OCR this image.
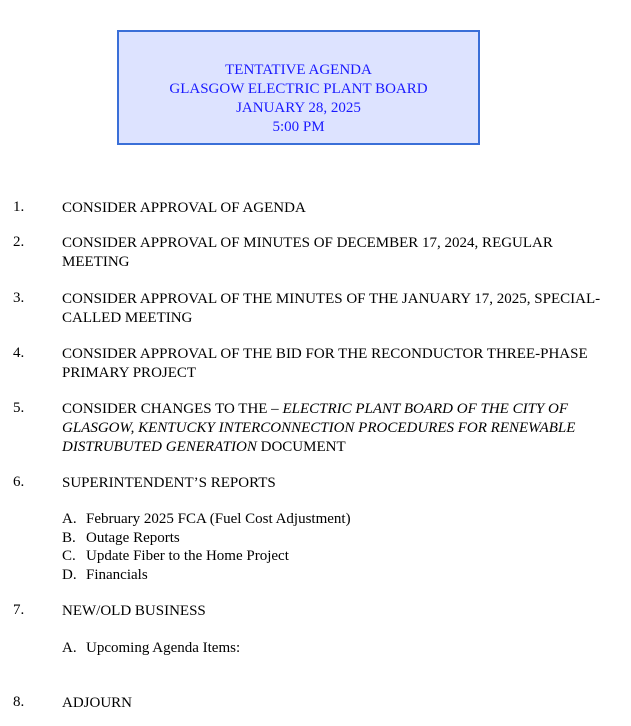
TENTATIVE AGENDA
GLASGOW ELECTRIC PLANT BOARD
JANUARY 28, 2025
5:00 PM
1.	CONSIDER APPROVAL OF AGENDA
2.	CONSIDER APPROVAL OF MINUTES OF DECEMBER 17, 2024, REGULAR MEETING
3.	CONSIDER APPROVAL OF THE MINUTES OF THE JANUARY 17, 2025, SPECIAL-CALLED MEETING
4.	CONSIDER APPROVAL OF THE BID FOR THE RECONDUCTOR THREE-PHASE PRIMARY PROJECT
5.	CONSIDER CHANGES TO THE – ELECTRIC PLANT BOARD OF THE CITY OF GLASGOW, KENTUCKY INTERCONNECTION PROCEDURES FOR RENEWABLE DISTRUBUTED GENERATION DOCUMENT
6.	SUPERINTENDENT’S REPORTS
A. February 2025 FCA (Fuel Cost Adjustment)
B. Outage Reports
C. Update Fiber to the Home Project
D. Financials
7.	NEW/OLD BUSINESS
A. Upcoming Agenda Items:
8.	ADJOURN
